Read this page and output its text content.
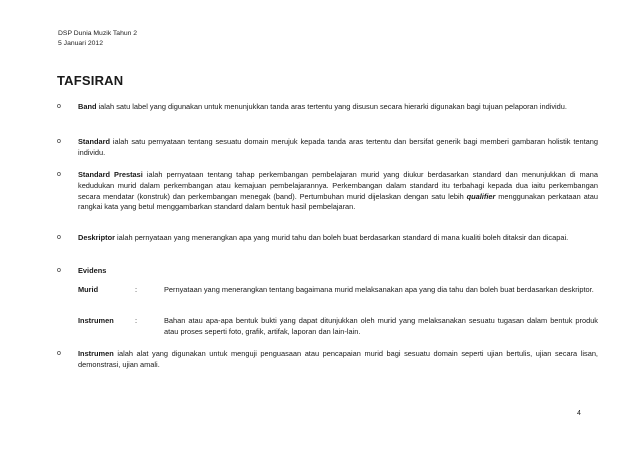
DSP Dunia Muzik Tahun 2
5 Januari 2012
TAFSIRAN
o	Band ialah satu label yang digunakan untuk menunjukkan tanda aras tertentu yang disusun secara hierarki digunakan bagi tujuan pelaporan individu.
o	Standard ialah satu pernyataan tentang sesuatu domain merujuk kepada tanda aras tertentu dan bersifat generik bagi memberi gambaran holistik tentang individu.
o	Standard Prestasi ialah pernyataan tentang tahap perkembangan pembelajaran murid yang diukur berdasarkan standard dan menunjukkan di mana kedudukan murid dalam perkembangan atau kemajuan pembelajarannya. Perkembangan dalam standard itu terbahagi kepada dua iaitu perkembangan secara mendatar (konstruk) dan perkembangan menegak (band). Pertumbuhan murid dijelaskan dengan satu lebih qualifier menggunakan perkataan atau rangkai kata yang betul menggambarkan standard dalam bentuk hasil pembelajaran.
o	Deskriptor ialah pernyataan yang menerangkan apa yang murid tahu dan boleh buat berdasarkan standard di mana kualiti boleh ditaksir dan dicapai.
o	Evidens
Murid	:	Pernyataan yang menerangkan tentang bagaimana murid melaksanakan apa yang dia tahu dan boleh buat berdasarkan deskriptor.
Instrumen	:	Bahan atau apa-apa bentuk bukti yang dapat ditunjukkan oleh murid yang melaksanakan sesuatu tugasan dalam bentuk produk atau proses seperti foto, grafik, artifak, laporan dan lain-lain.
o	Instrumen ialah alat yang digunakan untuk menguji penguasaan atau pencapaian murid bagi sesuatu domain seperti ujian bertulis, ujian secara lisan, demonstrasi, ujian amali.
4
